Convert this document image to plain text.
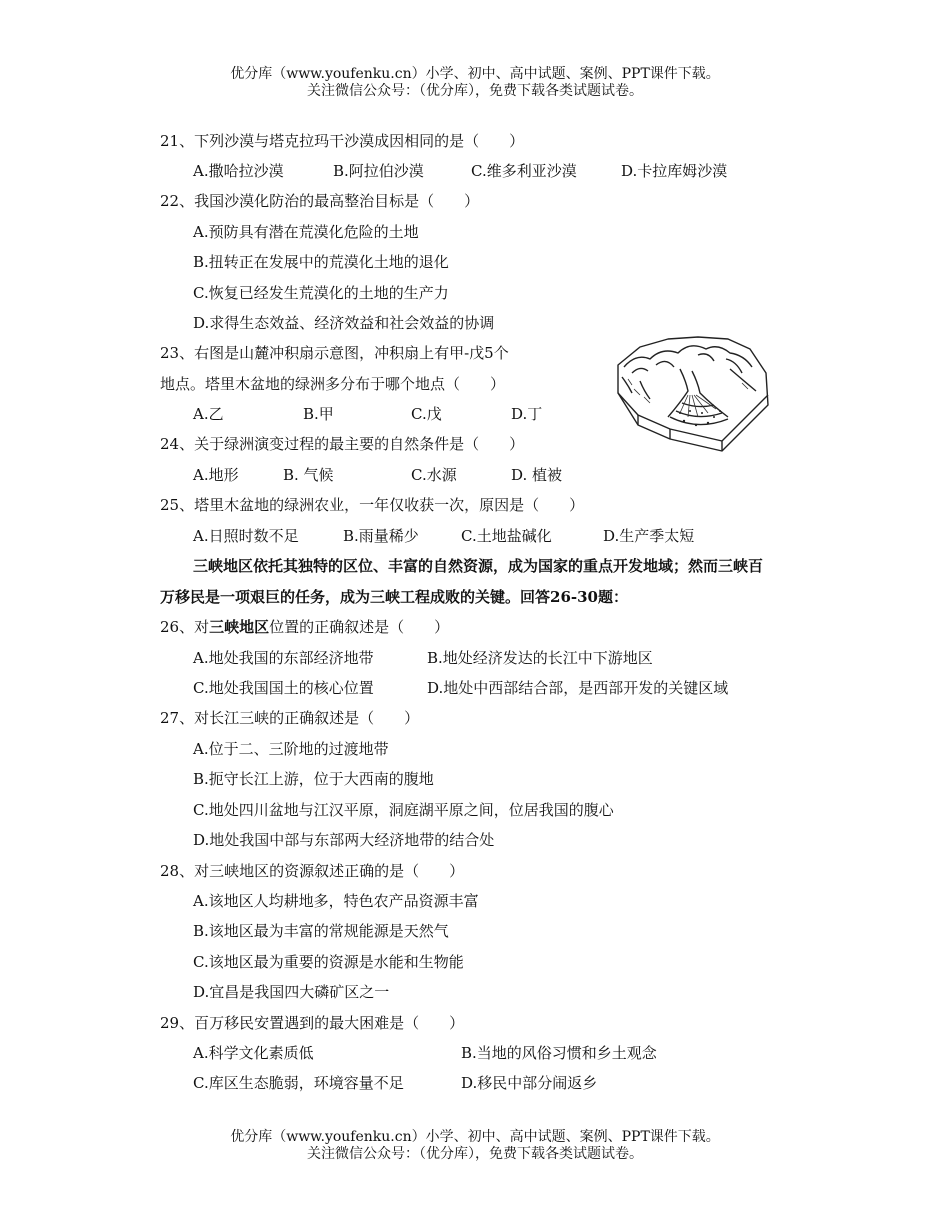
优分库（www.youfenku.cn）小学、初中、高中试题、案例、PPT课件下载。
关注微信公众号：（优分库），免费下载各类试题试卷。
21、下列沙漠与塔克拉玛干沙漠成因相同的是（　　）
A.撒哈拉沙漠	B.阿拉伯沙漠	C.维多利亚沙漠	D.卡拉库姆沙漠
22、我国沙漠化防治的最高整治目标是（　　）
A.预防具有潜在荒漠化危险的土地
B.扭转正在发展中的荒漠化土地的退化
C.恢复已经发生荒漠化的土地的生产力
D.求得生态效益、经济效益和社会效益的协调
23、右图是山麓冲积扇示意图，冲积扇上有甲-戊5个
地点。塔里木盆地的绿洲多分布于哪个地点（　　）
A.乙	B.甲	C.戊	D.丁
24、关于绿洲演变过程的最主要的自然条件是（　　）
A.地形	B. 气候	C.水源	D. 植被
25、塔里木盆地的绿洲农业，一年仅收获一次，原因是（　　）
A.日照时数不足	B.雨量稀少	C.土地盐碱化	D.生产季太短
三峡地区依托其独特的区位、丰富的自然资源，成为国家的重点开发地域；然而三峡百
万移民是一项艰巨的任务，成为三峡工程成败的关键。回答26-30题：
26、对三峡地区位置的正确叙述是（　　）
A.地处我国的东部经济地带	B.地处经济发达的长江中下游地区
C.地处我国国土的核心位置	D.地处中西部结合部，是西部开发的关键区域
27、对长江三峡的正确叙述是（　　）
A.位于二、三阶地的过渡地带
B.扼守长江上游，位于大西南的腹地
C.地处四川盆地与江汉平原，洞庭湖平原之间，位居我国的腹心
D.地处我国中部与东部两大经济地带的结合处
28、对三峡地区的资源叙述正确的是（　　）
A.该地区人均耕地多，特色农产品资源丰富
B.该地区最为丰富的常规能源是天然气
C.该地区最为重要的资源是水能和生物能
D.宜昌是我国四大磷矿区之一
29、百万移民安置遇到的最大困难是（　　）
A.科学文化素质低	B.当地的风俗习惯和乡土观念
C.库区生态脆弱，环境容量不足	D.移民中部分闹返乡
优分库（www.youfenku.cn）小学、初中、高中试题、案例、PPT课件下载。
关注微信公众号：（优分库），免费下载各类试题试卷。
